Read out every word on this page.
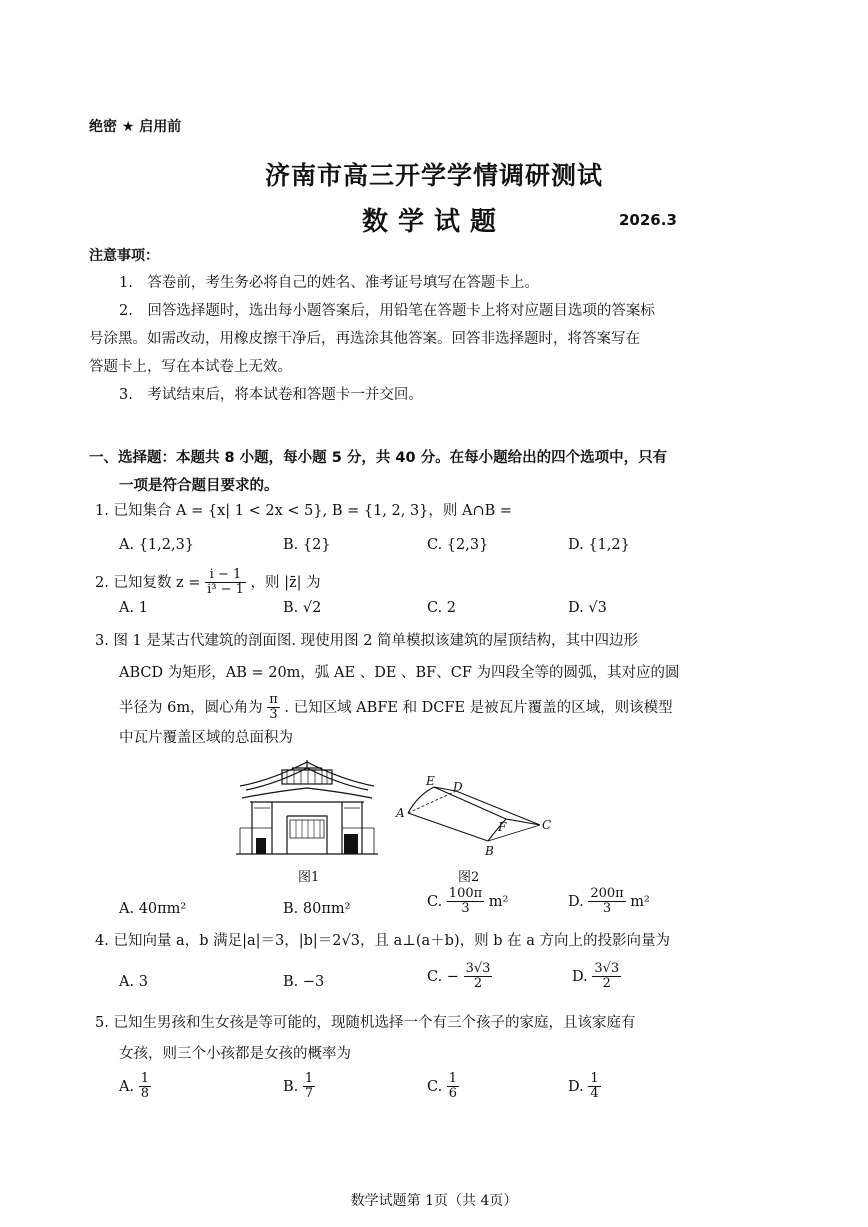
绝密 ★ 启用前
济南市高三开学学情调研测试
数学试题	2026.3
注意事项：
1.　答卷前，考生务必将自己的姓名、准考证号填写在答题卡上。
2.　回答选择题时，选出每小题答案后，用铅笔在答题卡上将对应题目选项的答案标
号涂黑。如需改动，用橡皮擦干净后，再选涂其他答案。回答非选择题时，将答案写在
答题卡上，写在本试卷上无效。
3.　考试结束后，将本试卷和答题卡一并交回。
一、选择题：本题共 8 小题，每小题 5 分，共 40 分。在每小题给出的四个选项中，只有
一项是符合题目要求的。
1. 已知集合 A = {x| 1 < 2x < 5}, B = {1, 2, 3}，则 A∩B =
A. {1,2,3}	B. {2}	C. {2,3}	D. {1,2}
2. 已知复数 $z = \frac{i - 1}{\text{i³ − 1}}$ ，则 |z̄| 为
A. 1	B. √2	C. 2	D. √3
3. 图 1 是某古代建筑的剖面图. 现使用图 2 简单模拟该建筑的屋顶结构，其中四边形
ABCD 为矩形，AB = 20m，弧 AE 、DE 、BF、CF 为四段全等的圆弧，其对应的圆
半径为 6m，圆心角为 $\frac{\pi}{3}$ . 已知区域 ABFE 和 DCFE 是被瓦片覆盖的区域，则该模型
中瓦片覆盖区域的总面积为
图1
E D
A
F	C
B
图2
A. 40πm²	B. 80πm²	C. $\frac{100\pi}{3} m^2$	D. $\frac{200\pi}{3} m^2$
4. 已知向量 a，b 满足|a|＝3，|b|＝2√3，且 a⊥(a＋b)，则 b 在 a 方向上的投影向量为
A. 3	B. −3	C. − $\frac{3√3}{2}$	D. $\frac{3√3}{2}$
5. 已知生男孩和生女孩是等可能的，现随机选择一个有三个孩子的家庭，且该家庭有
女孩，则三个小孩都是女孩的概率为
A. $\frac{1}{8}$	B. $\frac{1}{7}$	C. $\frac{1}{6}$	D. $\frac{1}{4}$
数学试题第 1页（共 4页）
